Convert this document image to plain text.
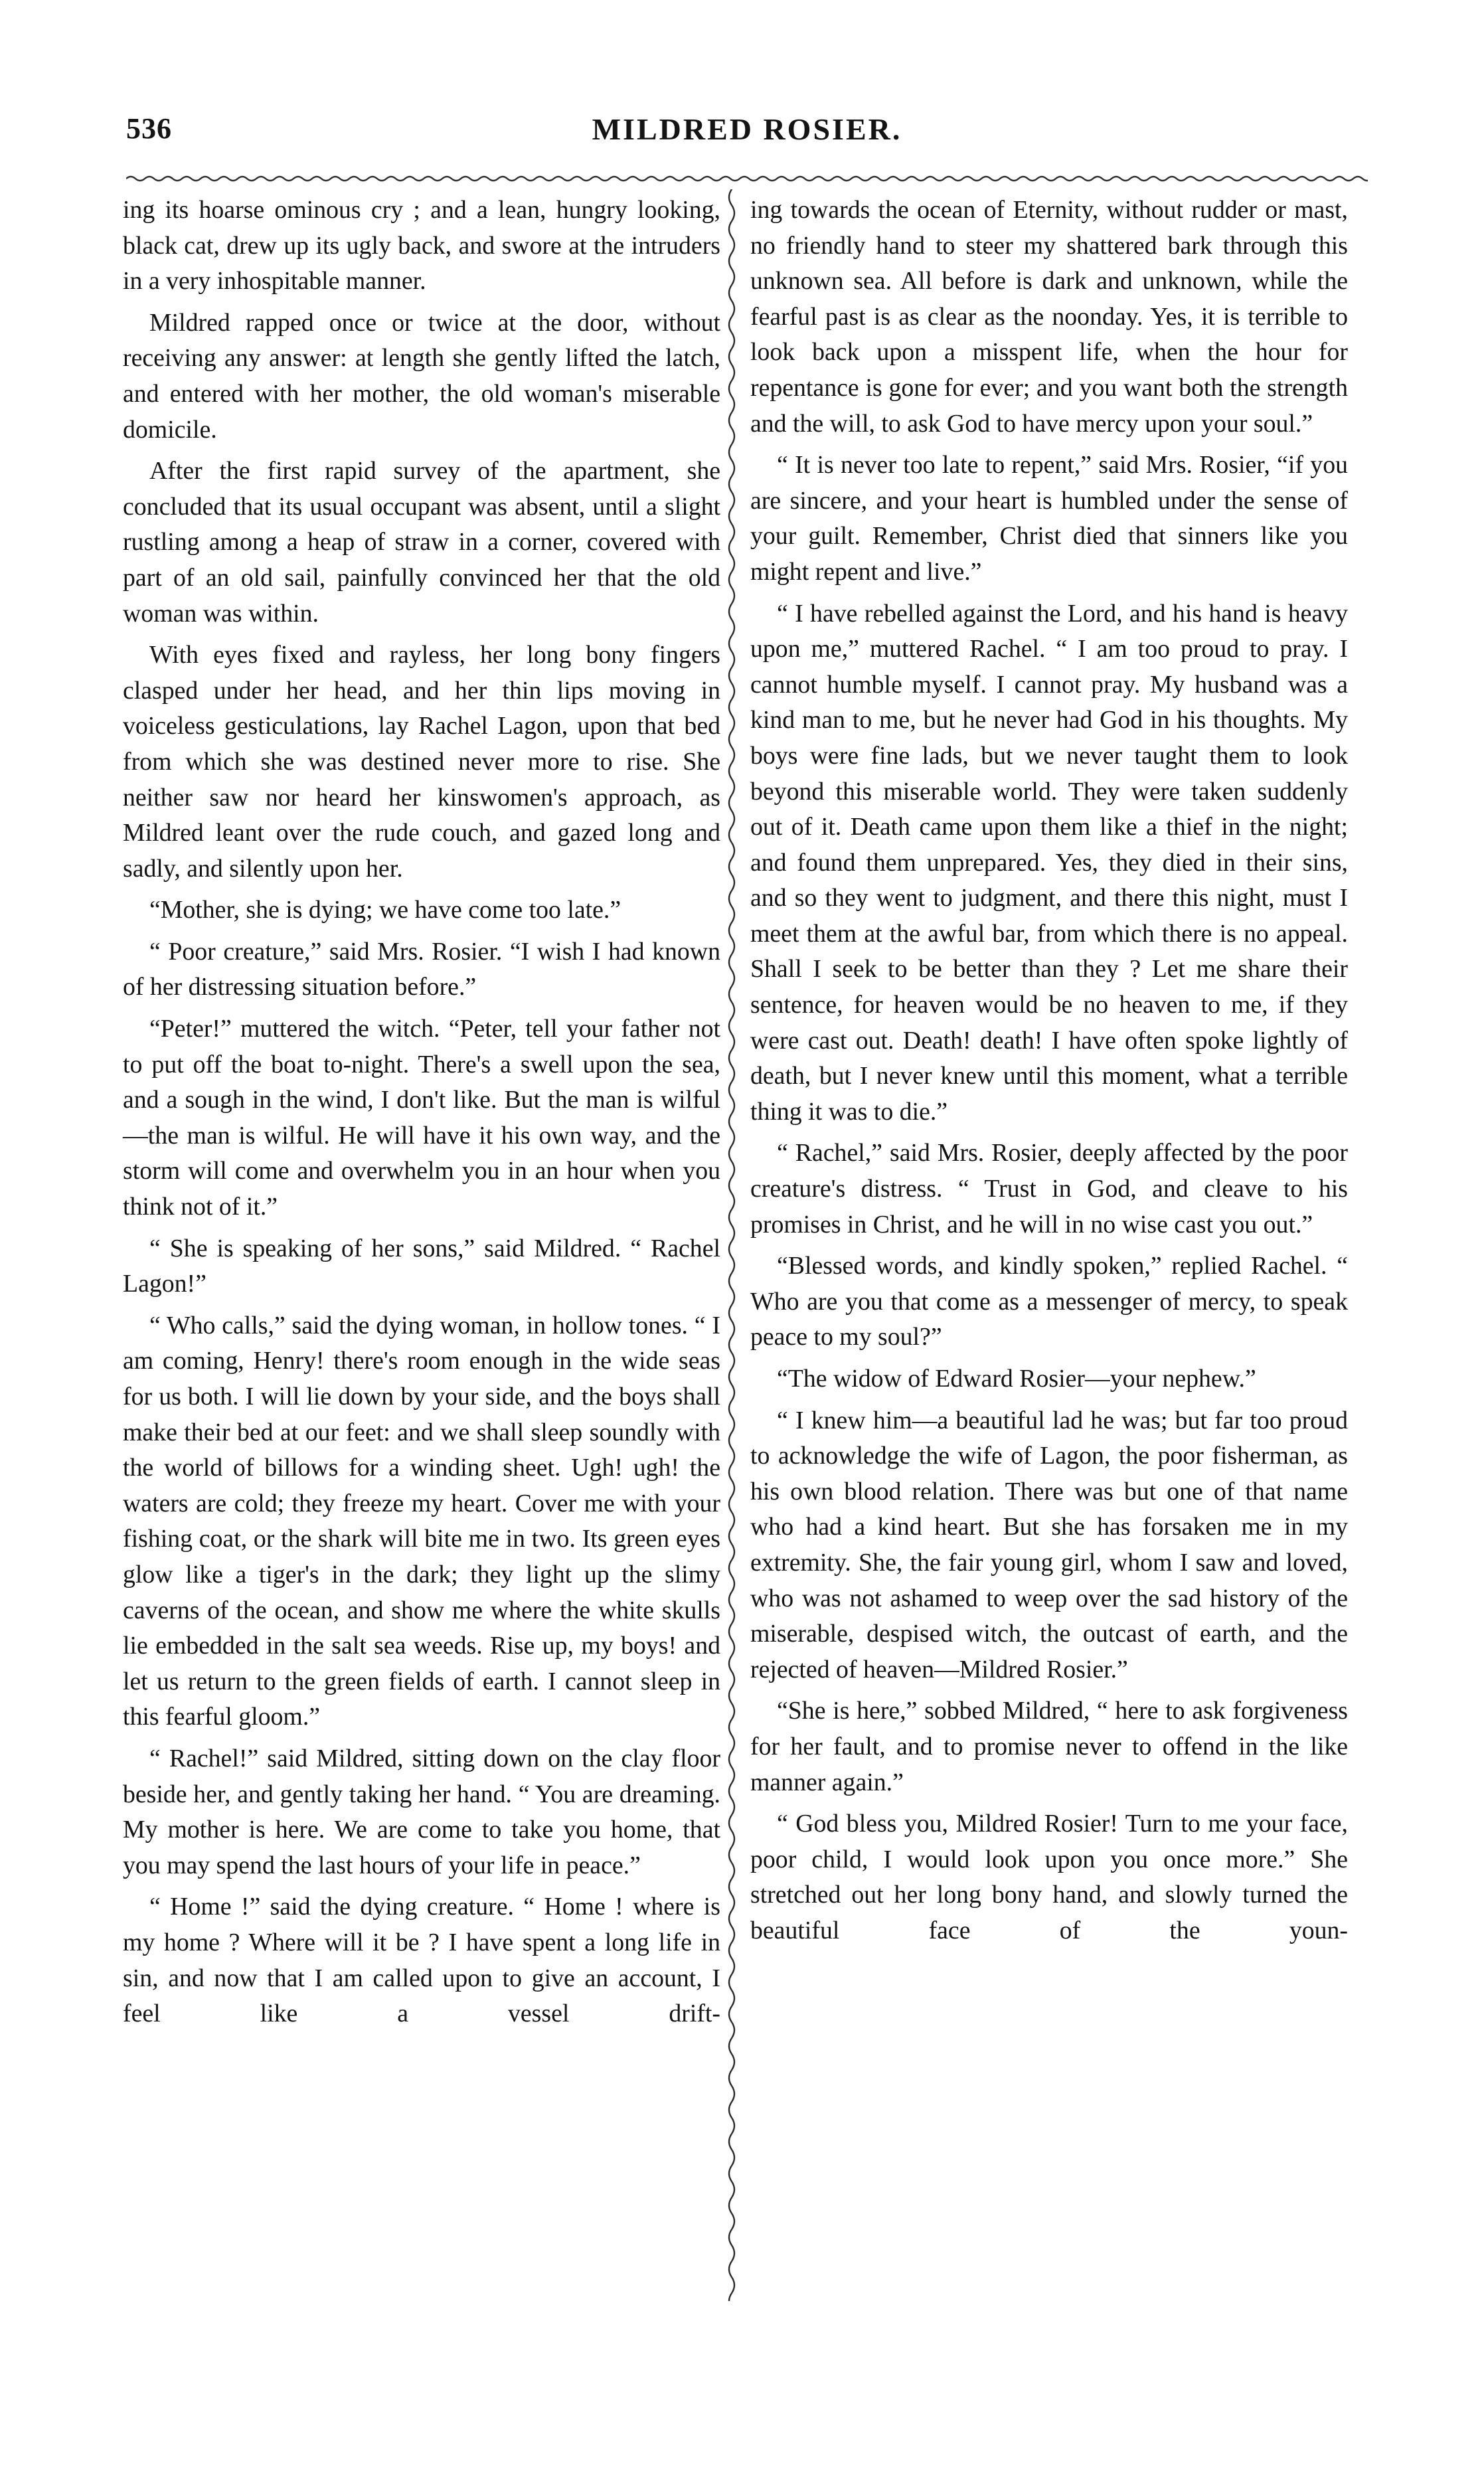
536	MILDRED ROSIER.

ing its hoarse ominous cry ; and a lean, hungry looking, black cat, drew up its ugly back, and swore at the intruders in a very inhospitable manner.

Mildred rapped once or twice at the door, without receiving any answer: at length she gently lifted the latch, and entered with her mother, the old woman's miserable domicile.

After the first rapid survey of the apartment, she concluded that its usual occupant was absent, until a slight rustling among a heap of straw in a corner, covered with part of an old sail, painfully convinced her that the old woman was within.

With eyes fixed and rayless, her long bony fingers clasped under her head, and her thin lips moving in voiceless gesticulations, lay Rachel Lagon, upon that bed from which she was destined never more to rise. She neither saw nor heard her kinswomen's approach, as Mildred leant over the rude couch, and gazed long and sadly, and silently upon her.

“Mother, she is dying; we have come too late.”

“ Poor creature,” said Mrs. Rosier. “I wish I had known of her distressing situation before.”

“Peter!” muttered the witch. “Peter, tell your father not to put off the boat to-night. There's a swell upon the sea, and a sough in the wind, I don't like. But the man is wilful—the man is wilful. He will have it his own way, and the storm will come and overwhelm you in an hour when you think not of it.”

“ She is speaking of her sons,” said Mildred. “ Rachel Lagon!”

“ Who calls,” said the dying woman, in hollow tones. “ I am coming, Henry! there's room enough in the wide seas for us both. I will lie down by your side, and the boys shall make their bed at our feet: and we shall sleep soundly with the world of billows for a winding sheet. Ugh! ugh! the waters are cold; they freeze my heart. Cover me with your fishing coat, or the shark will bite me in two. Its green eyes glow like a tiger's in the dark; they light up the slimy caverns of the ocean, and show me where the white skulls lie embedded in the salt sea weeds. Rise up, my boys! and let us return to the green fields of earth. I cannot sleep in this fearful gloom.”

“ Rachel!” said Mildred, sitting down on the clay floor beside her, and gently taking her hand. “ You are dreaming. My mother is here. We are come to take you home, that you may spend the last hours of your life in peace.”

“ Home !” said the dying creature. “ Home ! where is my home ? Where will it be ? I have spent a long life in sin, and now that I am called upon to give an account, I feel like a vessel drift-

ing towards the ocean of Eternity, without rudder or mast, no friendly hand to steer my shattered bark through this unknown sea. All before is dark and unknown, while the fearful past is as clear as the noonday. Yes, it is terrible to look back upon a misspent life, when the hour for repentance is gone for ever; and you want both the strength and the will, to ask God to have mercy upon your soul.”

“ It is never too late to repent,” said Mrs. Rosier, “if you are sincere, and your heart is humbled under the sense of your guilt. Remember, Christ died that sinners like you might repent and live.”

“ I have rebelled against the Lord, and his hand is heavy upon me,” muttered Rachel. “ I am too proud to pray. I cannot humble myself. I cannot pray. My husband was a kind man to me, but he never had God in his thoughts. My boys were fine lads, but we never taught them to look beyond this miserable world. They were taken suddenly out of it. Death came upon them like a thief in the night; and found them unprepared. Yes, they died in their sins, and so they went to judgment, and there this night, must I meet them at the awful bar, from which there is no appeal. Shall I seek to be better than they ? Let me share their sentence, for heaven would be no heaven to me, if they were cast out. Death! death! I have often spoke lightly of death, but I never knew until this moment, what a terrible thing it was to die.”

“ Rachel,” said Mrs. Rosier, deeply affected by the poor creature's distress. “ Trust in God, and cleave to his promises in Christ, and he will in no wise cast you out.”

“Blessed words, and kindly spoken,” replied Rachel. “ Who are you that come as a messenger of mercy, to speak peace to my soul?”

“The widow of Edward Rosier—your nephew.”

“ I knew him—a beautiful lad he was; but far too proud to acknowledge the wife of Lagon, the poor fisherman, as his own blood relation. There was but one of that name who had a kind heart. But she has forsaken me in my extremity. She, the fair young girl, whom I saw and loved, who was not ashamed to weep over the sad history of the miserable, despised witch, the outcast of earth, and the rejected of heaven—Mildred Rosier.”

“She is here,” sobbed Mildred, “ here to ask forgiveness for her fault, and to promise never to offend in the like manner again.”

“ God bless you, Mildred Rosier! Turn to me your face, poor child, I would look upon you once more.” She stretched out her long bony hand, and slowly turned the beautiful face of the youn-
